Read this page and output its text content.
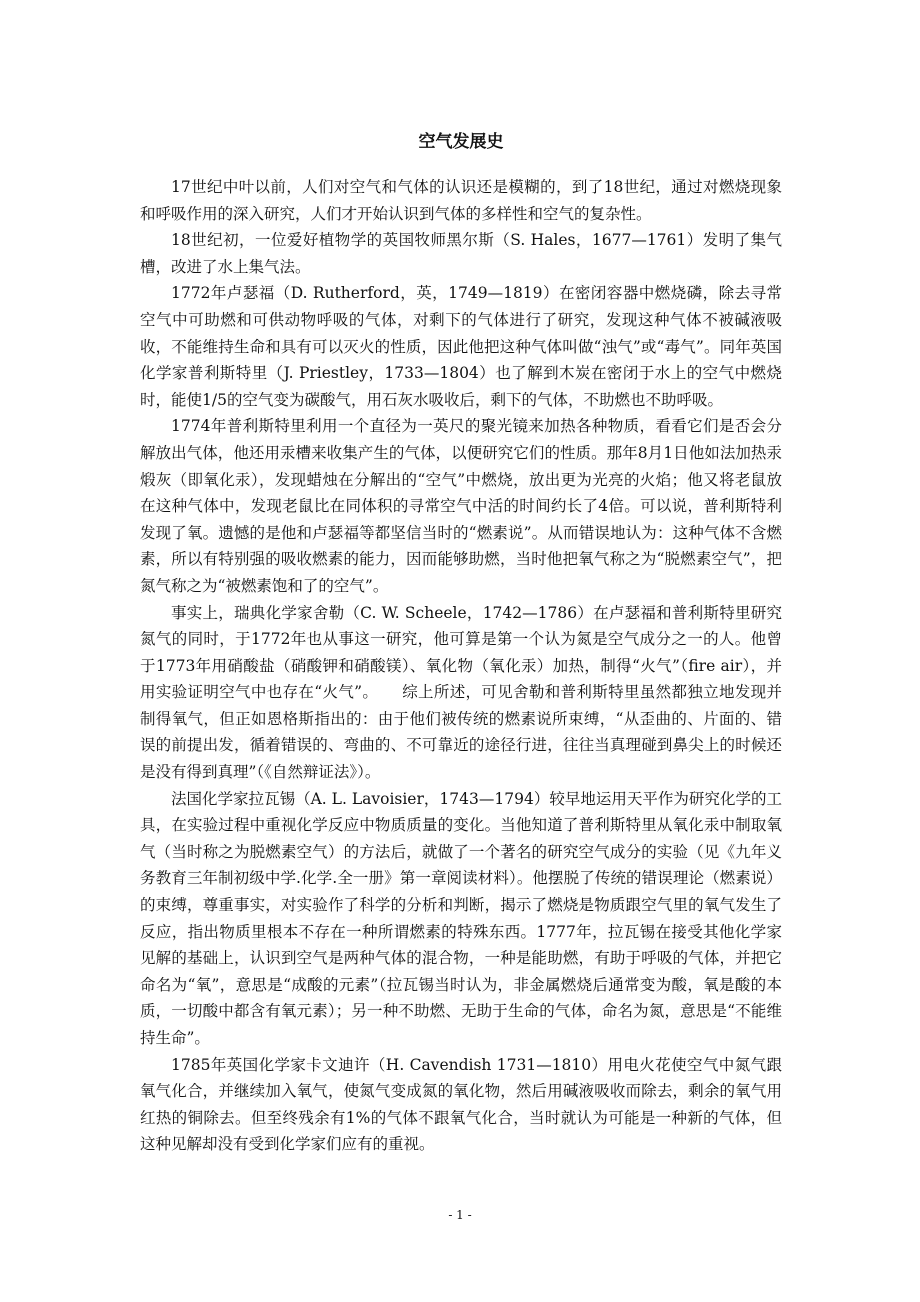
空气发展史

17世纪中叶以前，人们对空气和气体的认识还是模糊的，到了18世纪，通过对燃烧现象和呼吸作用的深入研究，人们才开始认识到气体的多样性和空气的复杂性。

18世纪初，一位爱好植物学的英国牧师黑尔斯（S. Hales，1677—1761）发明了集气槽，改进了水上集气法。

1772年卢瑟福（D. Rutherford，英，1749—1819）在密闭容器中燃烧磷，除去寻常空气中可助燃和可供动物呼吸的气体，对剩下的气体进行了研究，发现这种气体不被碱液吸收，不能维持生命和具有可以灭火的性质，因此他把这种气体叫做“浊气”或“毒气”。同年英国化学家普利斯特里（J. Priestley，1733—1804）也了解到木炭在密闭于水上的空气中燃烧时，能使1/5的空气变为碳酸气，用石灰水吸收后，剩下的气体，不助燃也不助呼吸。

1774年普利斯特里利用一个直径为一英尺的聚光镜来加热各种物质，看看它们是否会分解放出气体，他还用汞槽来收集产生的气体，以便研究它们的性质。那年8月1日他如法加热汞煅灰（即氧化汞），发现蜡烛在分解出的“空气”中燃烧，放出更为光亮的火焰；他又将老鼠放在这种气体中，发现老鼠比在同体积的寻常空气中活的时间约长了4倍。可以说，普利斯特利发现了氧。遗憾的是他和卢瑟福等都坚信当时的“燃素说”。从而错误地认为：这种气体不含燃素，所以有特别强的吸收燃素的能力，因而能够助燃，当时他把氧气称之为“脱燃素空气”，把氮气称之为“被燃素饱和了的空气”。

事实上，瑞典化学家舍勒（C. W. Scheele，1742—1786）在卢瑟福和普利斯特里研究氮气的同时，于1772年也从事这一研究，他可算是第一个认为氮是空气成分之一的人。他曾于1773年用硝酸盐（硝酸钾和硝酸镁）、氧化物（氧化汞）加热，制得“火气”（fire air），并用实验证明空气中也存在“火气”。　　综上所述，可见舍勒和普利斯特里虽然都独立地发现并制得氧气，但正如恩格斯指出的：由于他们被传统的燃素说所束缚，“从歪曲的、片面的、错误的前提出发，循着错误的、弯曲的、不可靠近的途径行进，往往当真理碰到鼻尖上的时候还是没有得到真理”（《自然辩证法》）。

法国化学家拉瓦锡（A. L. Lavoisier，1743—1794）较早地运用天平作为研究化学的工具，在实验过程中重视化学反应中物质质量的变化。当他知道了普利斯特里从氧化汞中制取氧气（当时称之为脱燃素空气）的方法后，就做了一个著名的研究空气成分的实验（见《九年义务教育三年制初级中学.化学.全一册》第一章阅读材料）。他摆脱了传统的错误理论（燃素说）的束缚，尊重事实，对实验作了科学的分析和判断，揭示了燃烧是物质跟空气里的氧气发生了反应，指出物质里根本不存在一种所谓燃素的特殊东西。1777年，拉瓦锡在接受其他化学家见解的基础上，认识到空气是两种气体的混合物，一种是能助燃，有助于呼吸的气体，并把它命名为“氧”，意思是“成酸的元素”（拉瓦锡当时认为，非金属燃烧后通常变为酸，氧是酸的本质，一切酸中都含有氧元素）；另一种不助燃、无助于生命的气体，命名为氮，意思是“不能维持生命”。

1785年英国化学家卡文迪许（H. Cavendish 1731—1810）用电火花使空气中氮气跟氧气化合，并继续加入氧气，使氮气变成氮的氧化物，然后用碱液吸收而除去，剩余的氧气用红热的铜除去。但至终残余有1%的气体不跟氧气化合，当时就认为可能是一种新的气体，但这种见解却没有受到化学家们应有的重视。

- 1 -
